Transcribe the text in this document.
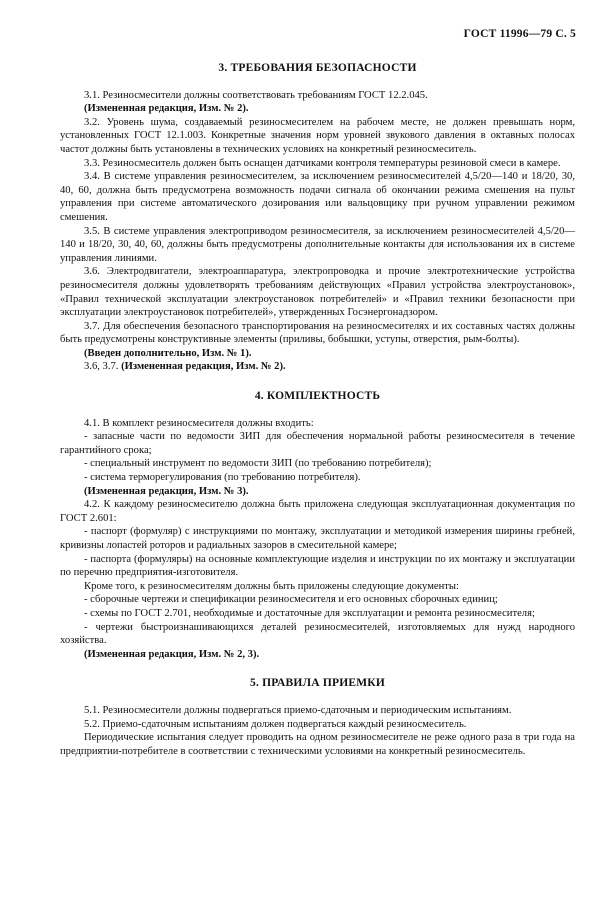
ГОСТ 11996—79 С. 5
3. ТРЕБОВАНИЯ БЕЗОПАСНОСТИ

3.1. Резиносмесители должны соответствовать требованиям ГОСТ 12.2.045.

(Измененная редакция, Изм. № 2).

3.2. Уровень шума, создаваемый резиносмесителем на рабочем месте, не должен превышать норм, установленных ГОСТ 12.1.003. Конкретные значения норм уровней звукового давления в октавных полосах частот должны быть установлены в технических условиях на конкретный резиносмеситель.

3.3. Резиносмеситель должен быть оснащен датчиками контроля температуры резиновой смеси в камере.

3.4. В системе управления резиносмесителем, за исключением резиносмесителей 4,5/20—140 и 18/20, 30, 40, 60, должна быть предусмотрена возможность подачи сигнала об окончании режима смешения на пульт управления при системе автоматического дозирования или вальцовщику при ручном управлении режимом смешения.

3.5. В системе управления электроприводом резиносмесителя, за исключением резиносмесителей 4,5/20—140 и 18/20, 30, 40, 60, должны быть предусмотрены дополнительные контакты для использования их в системе управления линиями.

3.6. Электродвигатели, электроаппаратура, электропроводка и прочие электротехнические устройства резиносмесителя должны удовлетворять требованиям действующих «Правил устройства электроустановок», «Правил технической эксплуатации электроустановок потребителей» и «Правил техники безопасности при эксплуатации электроустановок потребителей», утвержденных Госэнергонадзором.

3.7. Для обеспечения безопасного транспортирования на резиносмесителях и их составных частях должны быть предусмотрены конструктивные элементы (приливы, бобышки, уступы, отверстия, рым-болты).

(Введен дополнительно, Изм. № 1).

3.6, 3.7. (Измененная редакция, Изм. № 2).

4. КОМПЛЕКТНОСТЬ

4.1. В комплект резиносмесителя должны входить:

- запасные части по ведомости ЗИП для обеспечения нормальной работы резиносмесителя в течение гарантийного срока;

- специальный инструмент по ведомости ЗИП (по требованию потребителя);

- система терморегулирования (по требованию потребителя).

(Измененная редакция, Изм. № 3).

4.2. К каждому резиносмесителю должна быть приложена следующая эксплуатационная документация по ГОСТ 2.601:

- паспорт (формуляр) с инструкциями по монтажу, эксплуатации и методикой измерения ширины гребней, кривизны лопастей роторов и радиальных зазоров в смесительной камере;

- паспорта (формуляры) на основные комплектующие изделия и инструкции по их монтажу и эксплуатации по перечню предприятия-изготовителя.

Кроме того, к резиносмесителям должны быть приложены следующие документы:

- сборочные чертежи и спецификации резиносмесителя и его основных сборочных единиц;

- схемы по ГОСТ 2.701, необходимые и достаточные для эксплуатации и ремонта резиносмесителя;

- чертежи быстроизнашивающихся деталей резиносмесителей, изготовляемых для нужд народного хозяйства.

(Измененная редакция, Изм. № 2, 3).

5. ПРАВИЛА ПРИЕМКИ

5.1. Резиносмесители должны подвергаться приемо-сдаточным и периодическим испытаниям.

5.2. Приемо-сдаточным испытаниям должен подвергаться каждый резиносмеситель.

Периодические испытания следует проводить на одном резиносмесителе не реже одного раза в три года на предприятии-потребителе в соответствии с техническими условиями на конкретный резиносмеситель.
